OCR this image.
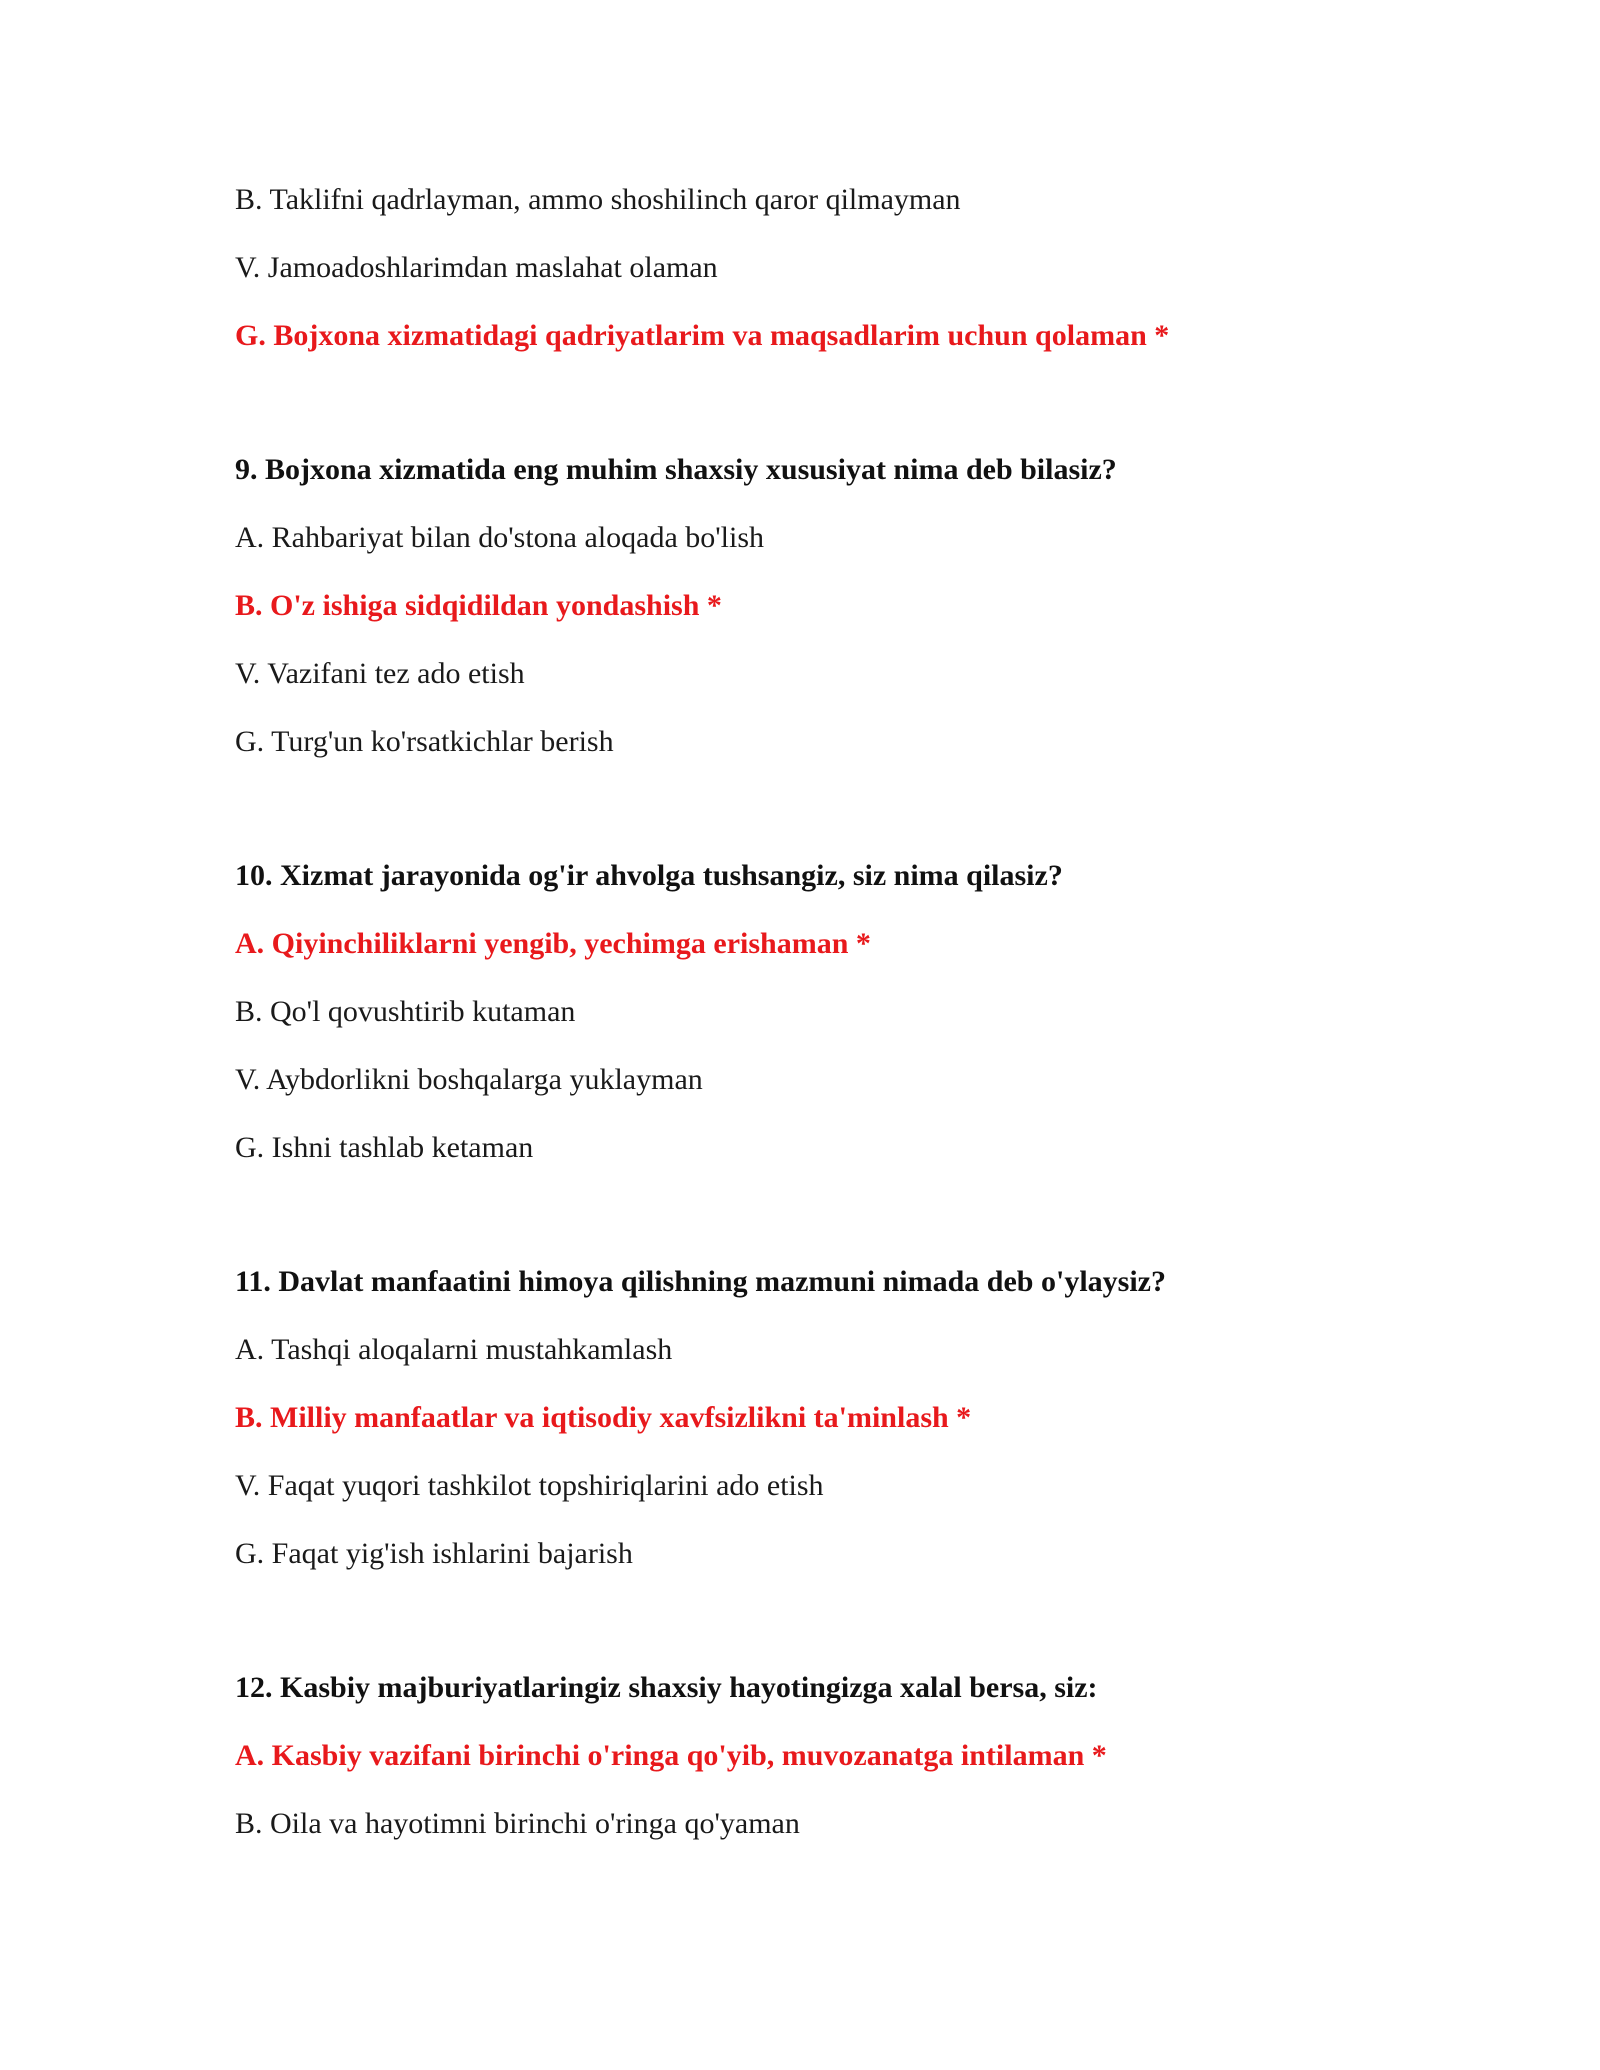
B. Taklifni qadrlayman, ammo shoshilinch qaror qilmayman
V. Jamoadoshlarimdan maslahat olaman
G. Bojxona xizmatidagi qadriyatlarim va maqsadlarim uchun qolaman *
9. Bojxona xizmatida eng muhim shaxsiy xususiyat nima deb bilasiz?
A. Rahbariyat bilan do'stona aloqada bo'lish
B. O'z ishiga sidqidildan yondashish *
V. Vazifani tez ado etish
G. Turg'un ko'rsatkichlar berish
10. Xizmat jarayonida og'ir ahvolga tushsangiz, siz nima qilasiz?
A. Qiyinchiliklarni yengib, yechimga erishaman *
B. Qo'l qovushtirib kutaman
V. Aybdorlikni boshqalarga yuklayman
G. Ishni tashlab ketaman
11. Davlat manfaatini himoya qilishning mazmuni nimada deb o'ylaysiz?
A. Tashqi aloqalarni mustahkamlash
B. Milliy manfaatlar va iqtisodiy xavfsizlikni ta'minlash *
V. Faqat yuqori tashkilot topshiriqlarini ado etish
G. Faqat yig'ish ishlarini bajarish
12. Kasbiy majburiyatlaringiz shaxsiy hayotingizga xalal bersa, siz:
A. Kasbiy vazifani birinchi o'ringa qo'yib, muvozanatga intilaman *
B. Oila va hayotimni birinchi o'ringa qo'yaman
